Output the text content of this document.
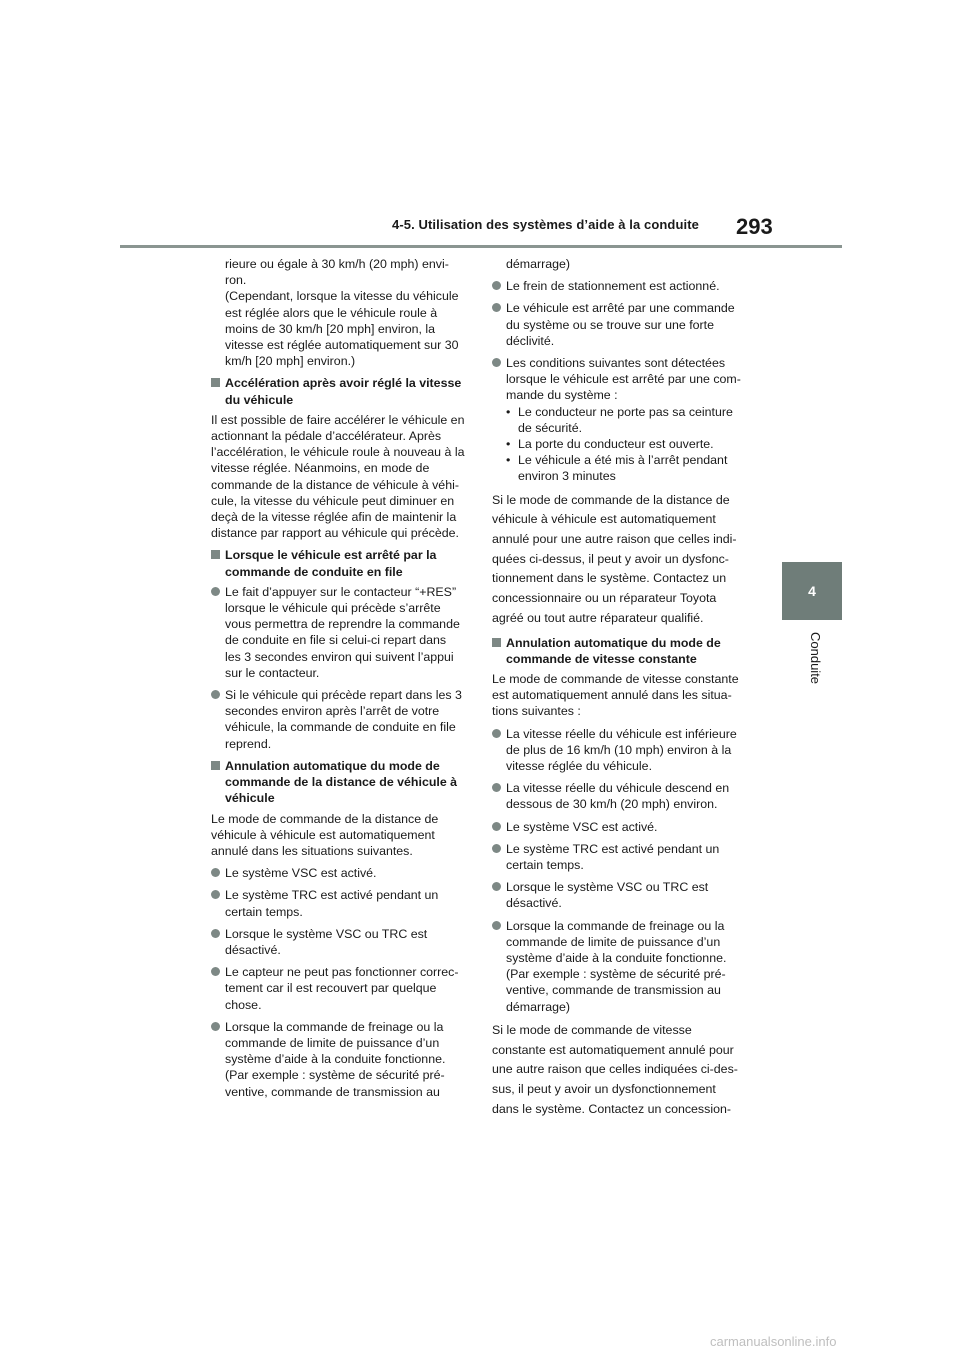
4-5. Utilisation des systèmes d’aide à la conduite 293
4
Conduite

rieure ou égale à 30 km/h (20 mph) envi-ron.
(Cependant, lorsque la vitesse du véhicule est réglée alors que le véhicule roule à moins de 30 km/h [20 mph] environ, la vitesse est réglée automatiquement sur 30 km/h [20 mph] environ.)

Accélération après avoir réglé la vitesse du véhicule

Il est possible de faire accélérer le véhicule en actionnant la pédale d’accélérateur. Après l’accélération, le véhicule roule à nouveau à la vitesse réglée. Néanmoins, en mode de commande de la distance de véhicule à véhi-cule, la vitesse du véhicule peut diminuer en deçà de la vitesse réglée afin de maintenir la distance par rapport au véhicule qui précède.

Lorsque le véhicule est arrêté par la commande de conduite en file
Le fait d’appuyer sur le contacteur “+RES” lorsque le véhicule qui précède s’arrête vous permettra de reprendre la commande de conduite en file si celui-ci repart dans les 3 secondes environ qui suivent l’appui sur le contacteur.
Si le véhicule qui précède repart dans les 3 secondes environ après l’arrêt de votre véhicule, la commande de conduite en file reprend.
Annulation automatique du mode de commande de la distance de véhicule à véhicule

Le mode de commande de la distance de véhicule à véhicule est automatiquement annulé dans les situations suivantes.

Le système VSC est activé.
Le système TRC est activé pendant un certain temps.
Lorsque le système VSC ou TRC est désactivé.
Le capteur ne peut pas fonctionner correc-tement car il est recouvert par quelque chose.
Lorsque la commande de freinage ou la commande de limite de puissance d’un système d’aide à la conduite fonctionne. (Par exemple : système de sécurité pré-ventive, commande de transmission au

démarrage)

Le frein de stationnement est actionné.
Le véhicule est arrêté par une commande du système ou se trouve sur une forte déclivité.
Les conditions suivantes sont détectées lorsque le véhicule est arrêté par une com-mande du système :
• Le conducteur ne porte pas sa ceinture de sécurité.
• La porte du conducteur est ouverte.
• Le véhicule a été mis à l’arrêt pendant environ 3 minutes

Si le mode de commande de la distance de véhicule à véhicule est automatiquement annulé pour une autre raison que celles indi-quées ci-dessus, il peut y avoir un dysfonc-tionnement dans le système. Contactez un concessionnaire ou un réparateur Toyota agréé ou tout autre réparateur qualifié.

Annulation automatique du mode de commande de vitesse constante

Le mode de commande de vitesse constante est automatiquement annulé dans les situa-tions suivantes :

La vitesse réelle du véhicule est inférieure de plus de 16 km/h (10 mph) environ à la vitesse réglée du véhicule.
La vitesse réelle du véhicule descend en dessous de 30 km/h (20 mph) environ.
Le système VSC est activé.
Le système TRC est activé pendant un certain temps.
Lorsque le système VSC ou TRC est désactivé.
Lorsque la commande de freinage ou la commande de limite de puissance d’un système d’aide à la conduite fonctionne. (Par exemple : système de sécurité pré-ventive, commande de transmission au démarrage)

Si le mode de commande de vitesse constante est automatiquement annulé pour une autre raison que celles indiquées ci-des-sus, il peut y avoir un dysfonctionnement dans le système. Contactez un concession-

carmanualsonline.info
